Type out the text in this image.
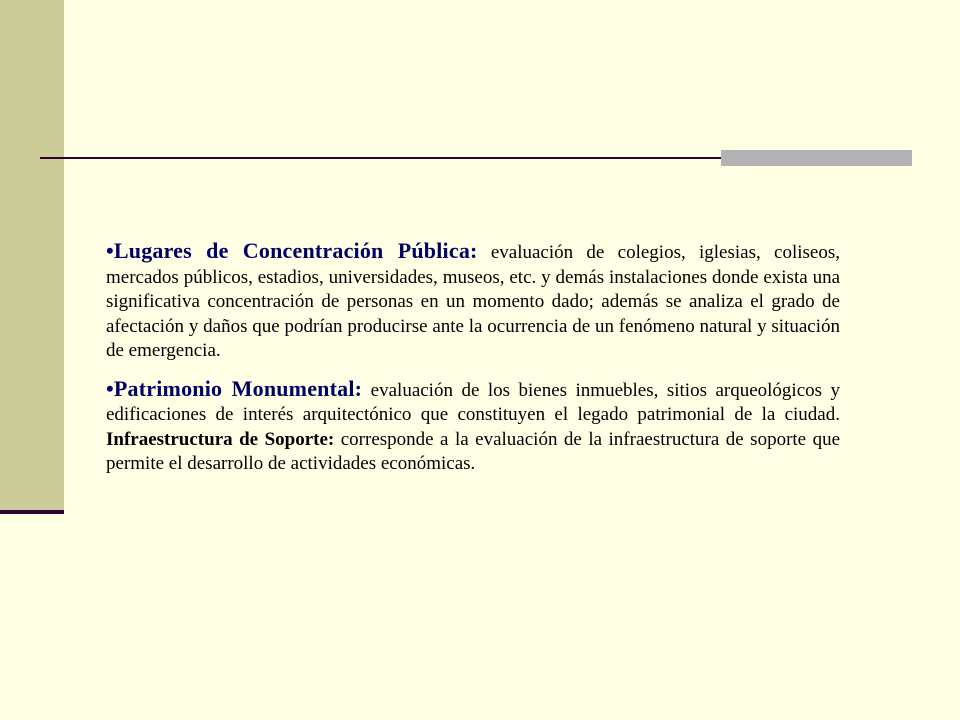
•Lugares de Concentración Pública: evaluación de colegios, iglesias, coliseos, mercados públicos, estadios, universidades, museos, etc. y demás instalaciones donde exista una significativa concentración de personas en un momento dado; además se analiza el grado de afectación y daños que podrían producirse ante la ocurrencia de un fenómeno natural y situación de emergencia.

•Patrimonio Monumental: evaluación de los bienes inmuebles, sitios arqueológicos y edificaciones de interés arquitectónico que constituyen el legado patrimonial de la ciudad. Infraestructura de Soporte: corresponde a la evaluación de la infraestructura de soporte que permite el desarrollo de actividades económicas.
